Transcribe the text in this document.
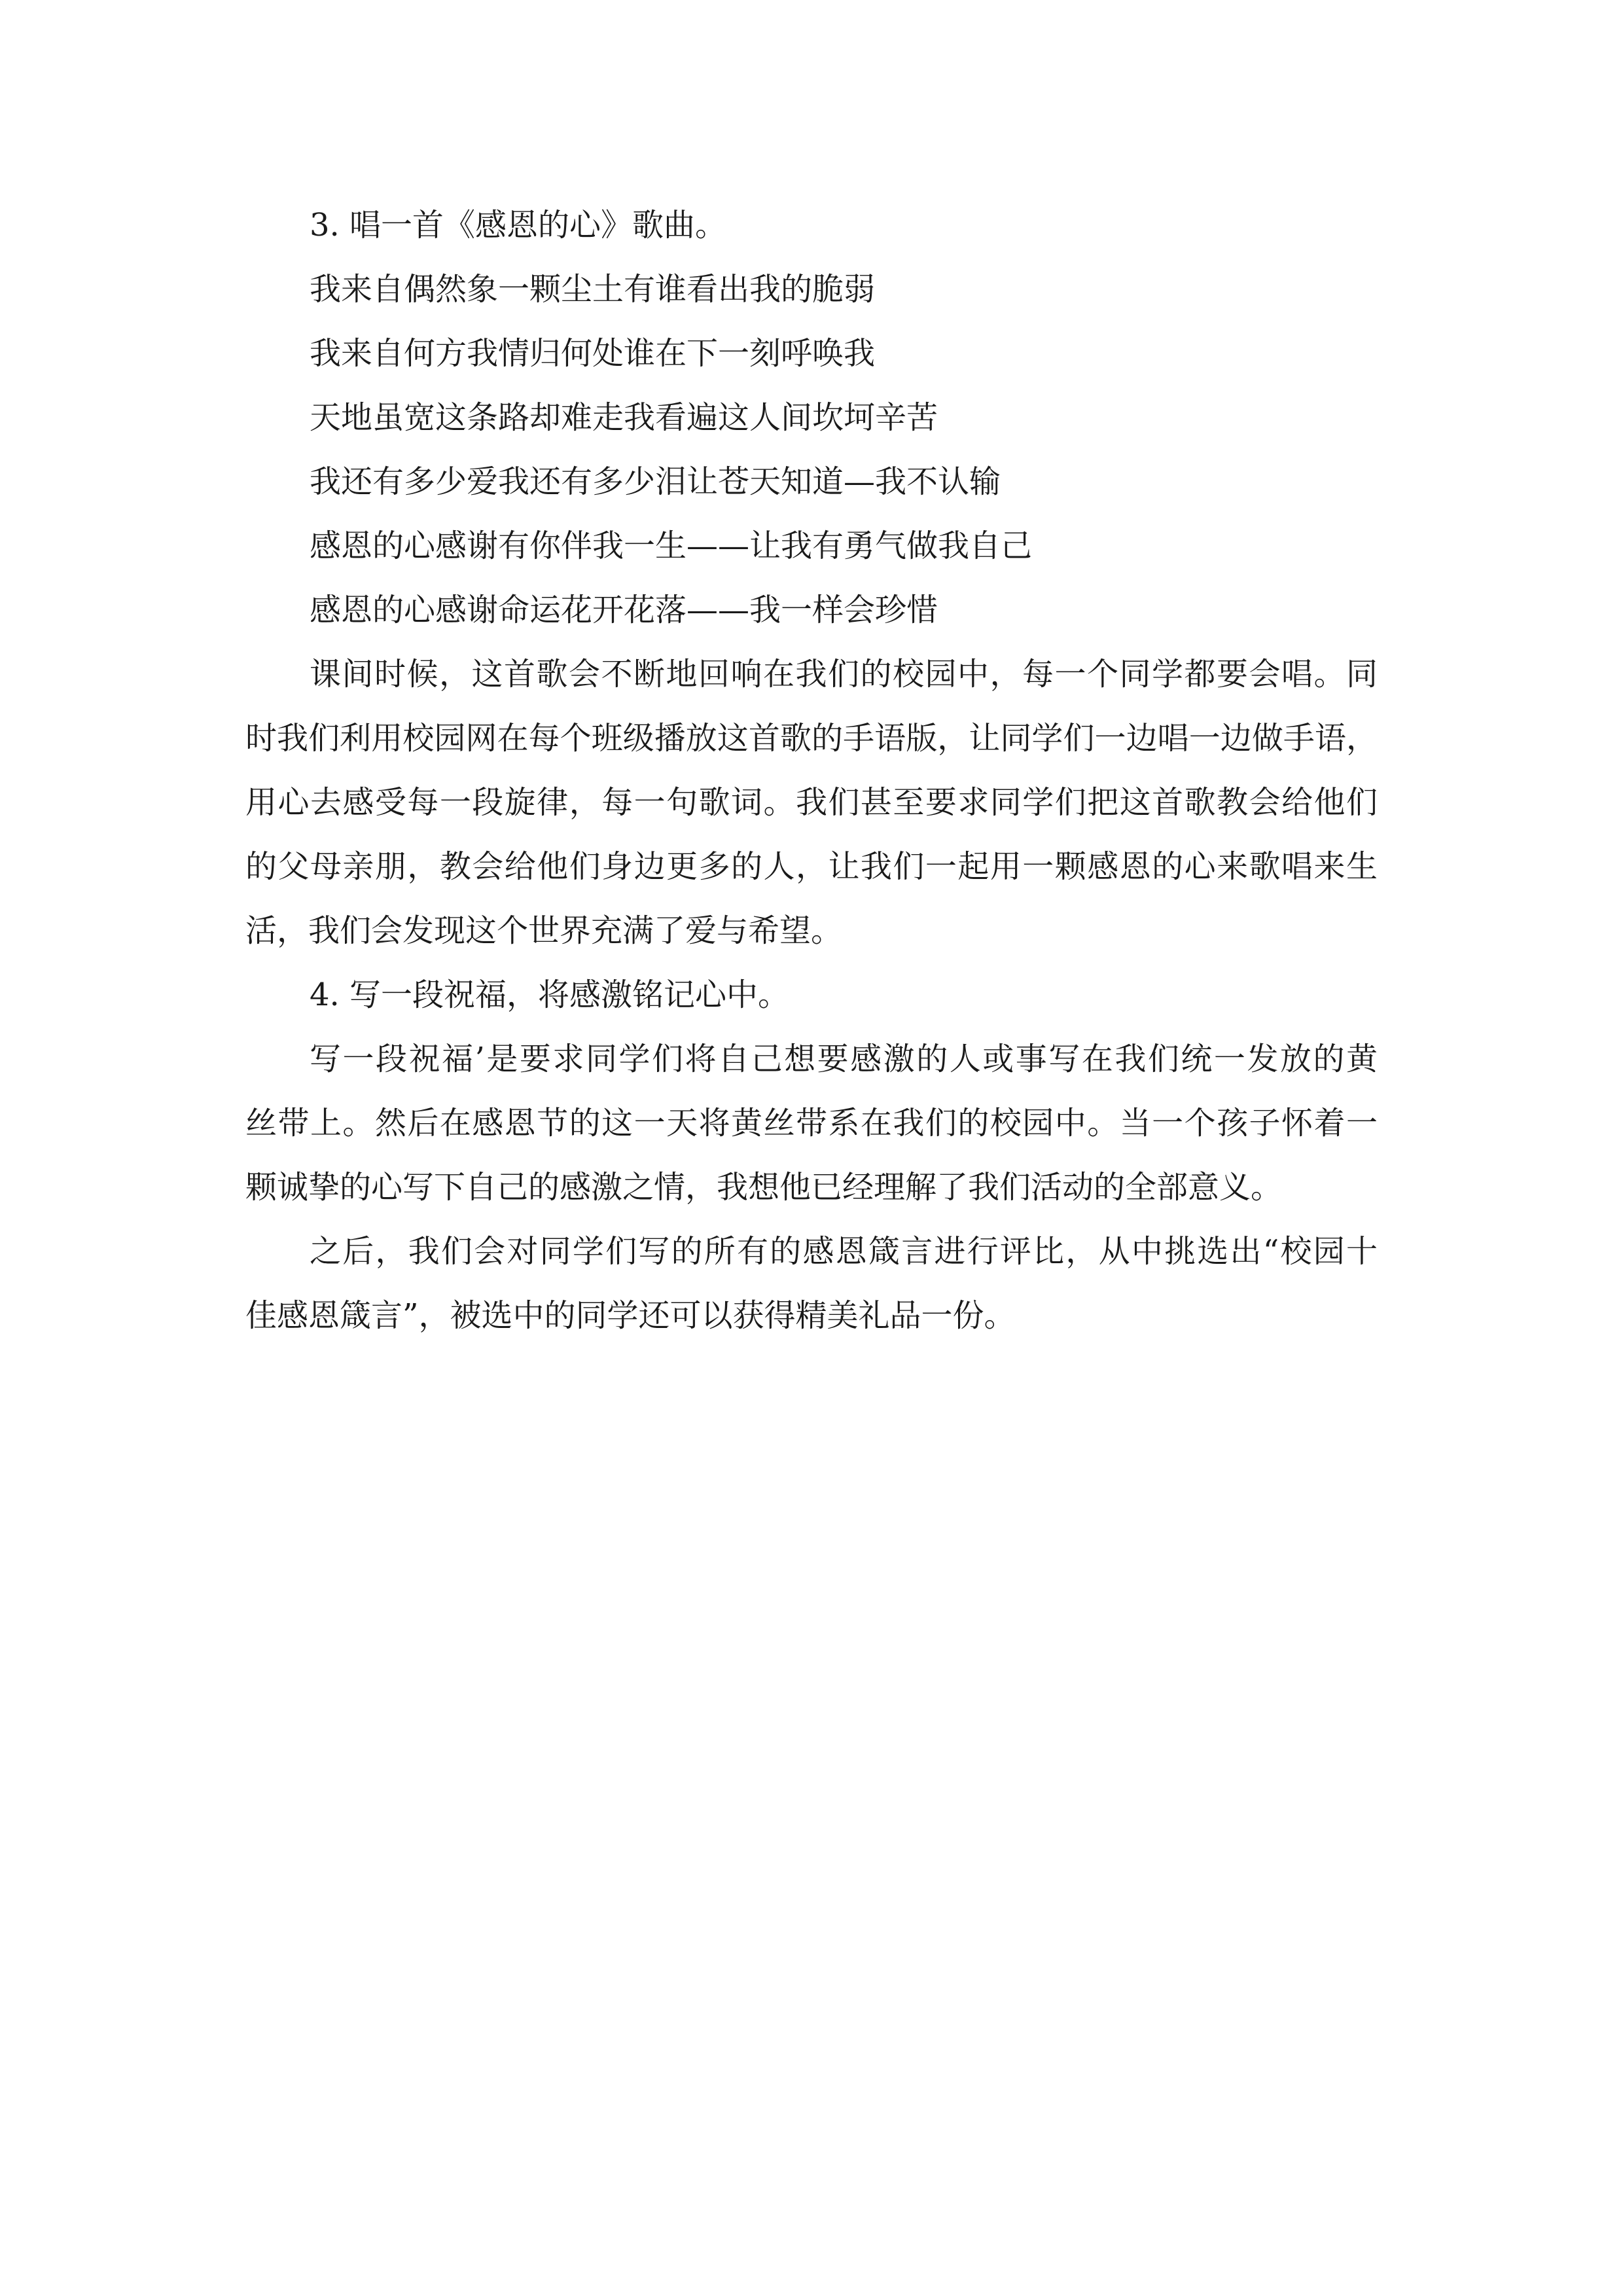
3. 唱一首《感恩的心》歌曲。
我来自偶然象一颗尘土有谁看出我的脆弱
我来自何方我情归何处谁在下一刻呼唤我
天地虽宽这条路却难走我看遍这人间坎坷辛苦
我还有多少爱我还有多少泪让苍天知道—我不认输
感恩的心感谢有你伴我一生——让我有勇气做我自己
感恩的心感谢命运花开花落——我一样会珍惜
课间时候，这首歌会不断地回响在我们的校园中，每一个同学都要会唱。同
时我们利用校园网在每个班级播放这首歌的手语版，让同学们一边唱一边做手语，
用心去感受每一段旋律，每一句歌词。我们甚至要求同学们把这首歌教会给他们
的父母亲朋，教会给他们身边更多的人，让我们一起用一颗感恩的心来歌唱来生
活，我们会发现这个世界充满了爱与希望。
4. 写一段祝福，将感激铭记心中。
写一段祝福’是要求同学们将自己想要感激的人或事写在我们统一发放的黄
丝带上。然后在感恩节的这一天将黄丝带系在我们的校园中。当一个孩子怀着一
颗诚挚的心写下自己的感激之情，我想他已经理解了我们活动的全部意义。
之后，我们会对同学们写的所有的感恩箴言进行评比，从中挑选出“校园十
佳感恩箴言”，被选中的同学还可以获得精美礼品一份。
